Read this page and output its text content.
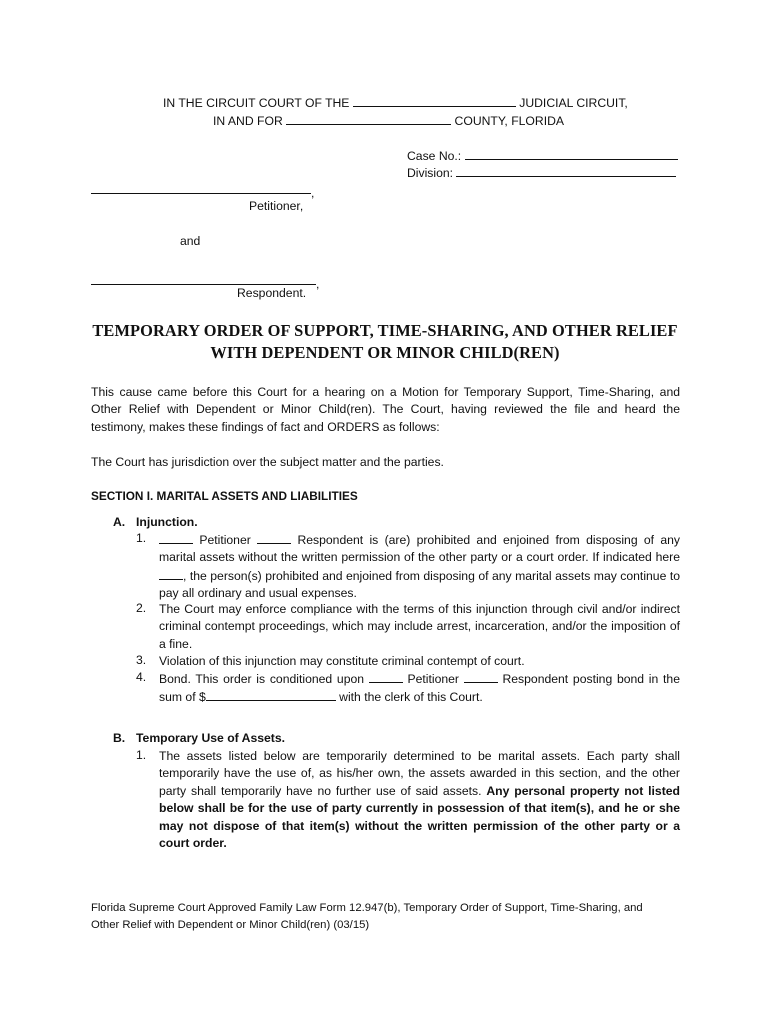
IN THE CIRCUIT COURT OF THE	JUDICIAL CIRCUIT,
IN AND FOR	COUNTY, FLORIDA
Case No.:
Division:
,
Petitioner,
and
,
Respondent.
TEMPORARY ORDER OF SUPPORT, TIME-SHARING, AND OTHER RELIEF
WITH DEPENDENT OR MINOR CHILD(REN)
This cause came before this Court for a hearing on a Motion for Temporary Support, Time-Sharing, and Other Relief with Dependent or Minor Child(ren). The Court, having reviewed the file and heard the testimony, makes these findings of fact and ORDERS as follows:
The Court has jurisdiction over the subject matter and the parties.
SECTION I. MARITAL ASSETS AND LIABILITIES
A. Injunction.
1.	Petitioner	Respondent is (are) prohibited and enjoined from disposing of any marital assets without the written permission of the other party or a court order. If indicated here , the person(s) prohibited and enjoined from disposing of any marital assets may continue to pay all ordinary and usual expenses.
2. The Court may enforce compliance with the terms of this injunction through civil and/or indirect criminal contempt proceedings, which may include arrest, incarceration, and/or the imposition of a fine.
3. Violation of this injunction may constitute criminal contempt of court.
4. Bond. This order is conditioned upon	Petitioner	Respondent posting bond in the sum of $	with the clerk of this Court.
B. Temporary Use of Assets.
1. The assets listed below are temporarily determined to be marital assets. Each party shall temporarily have the use of, as his/her own, the assets awarded in this section, and the other party shall temporarily have no further use of said assets. Any personal property not listed below shall be for the use of party currently in possession of that item(s), and he or she may not dispose of that item(s) without the written permission of the other party or a court order.
Florida Supreme Court Approved Family Law Form 12.947(b), Temporary Order of Support, Time-Sharing, and
Other Relief with Dependent or Minor Child(ren) (03/15)
